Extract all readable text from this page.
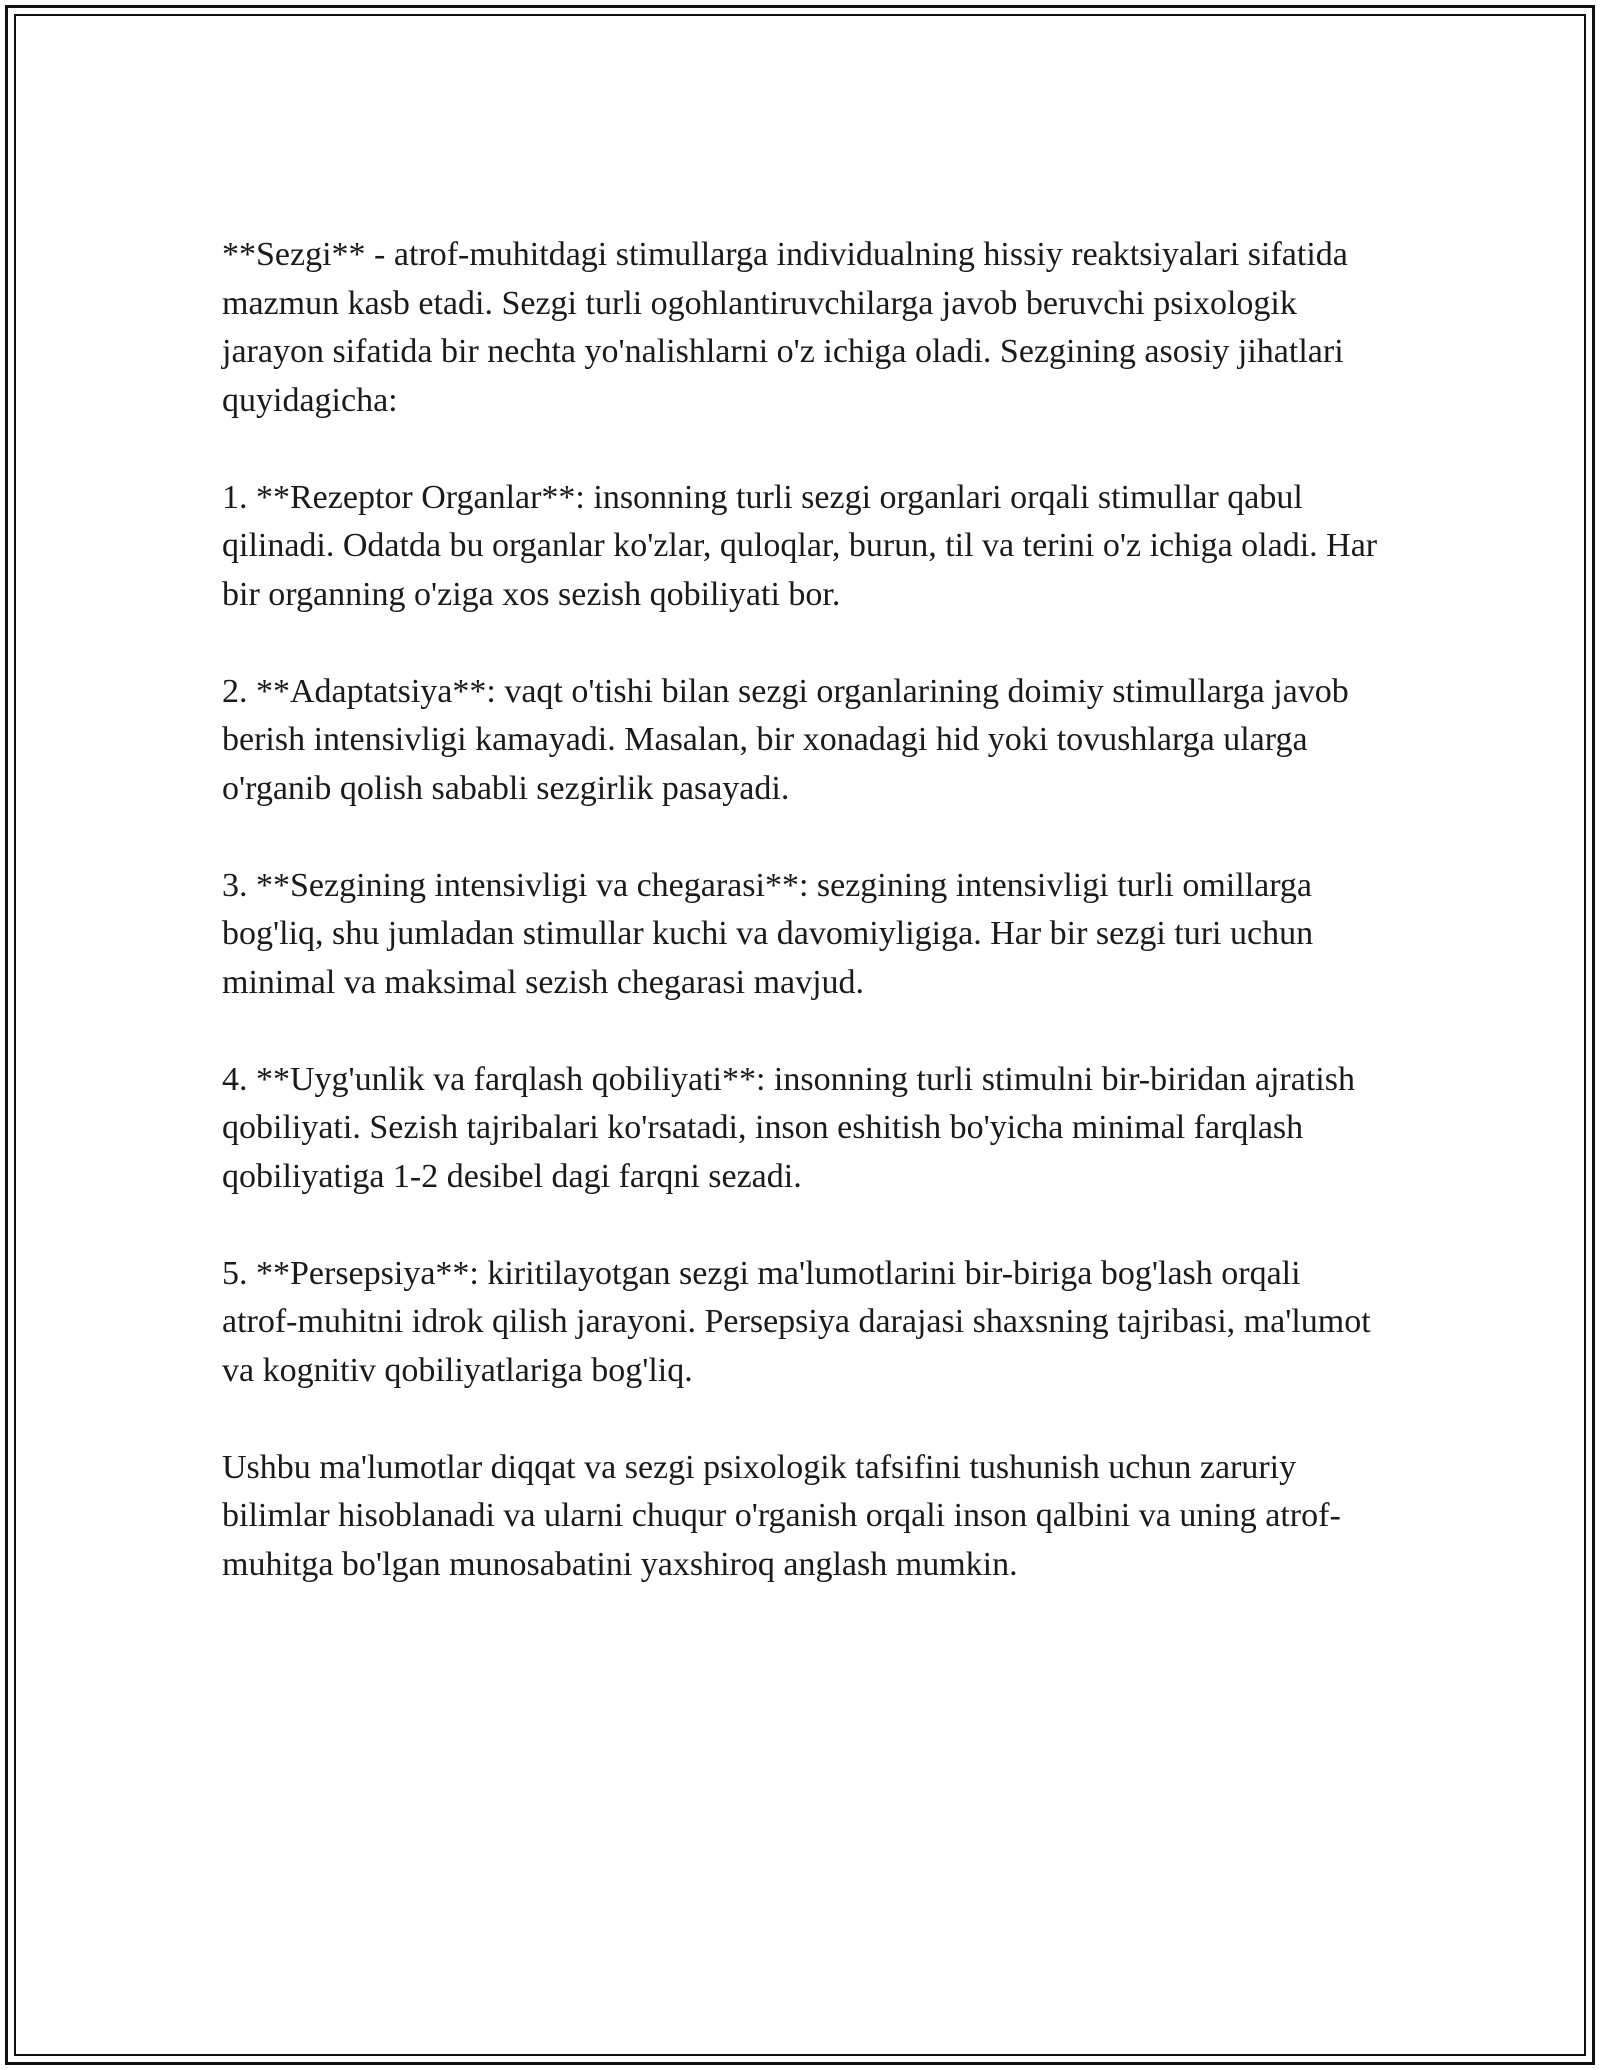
**Sezgi** - atrof-muhitdagi stimullarga individualning hissiy reaktsiyalari sifatida mazmun kasb etadi. Sezgi turli ogohlantiruvchilarga javob beruvchi psixologik jarayon sifatida bir nechta yo'nalishlarni o'z ichiga oladi. Sezgining asosiy jihatlari quyidagicha:

1. **Rezeptor Organlar**: insonning turli sezgi organlari orqali stimullar qabul qilinadi. Odatda bu organlar ko'zlar, quloqlar, burun, til va terini o'z ichiga oladi. Har bir organning o'ziga xos sezish qobiliyati bor.

2. **Adaptatsiya**: vaqt o'tishi bilan sezgi organlarining doimiy stimullarga javob berish intensivligi kamayadi. Masalan, bir xonadagi hid yoki tovushlarga ularga o'rganib qolish sababli sezgirlik pasayadi.

3. **Sezgining intensivligi va chegarasi**: sezgining intensivligi turli omillarga bog'liq, shu jumladan stimullar kuchi va davomiyligiga. Har bir sezgi turi uchun minimal va maksimal sezish chegarasi mavjud.

4. **Uyg'unlik va farqlash qobiliyati**: insonning turli stimulni bir-biridan ajratish qobiliyati. Sezish tajribalari ko'rsatadi, inson eshitish bo'yicha minimal farqlash qobiliyatiga 1-2 desibel dagi farqni sezadi.

5. **Persepsiya**: kiritilayotgan sezgi ma'lumotlarini bir-biriga bog'lash orqali atrof-muhitni idrok qilish jarayoni. Persepsiya darajasi shaxsning tajribasi, ma'lumot va kognitiv qobiliyatlariga bog'liq.

Ushbu ma'lumotlar diqqat va sezgi psixologik tafsifini tushunish uchun zaruriy bilimlar hisoblanadi va ularni chuqur o'rganish orqali inson qalbini va uning atrof-muhitga bo'lgan munosabatini yaxshiroq anglash mumkin.
